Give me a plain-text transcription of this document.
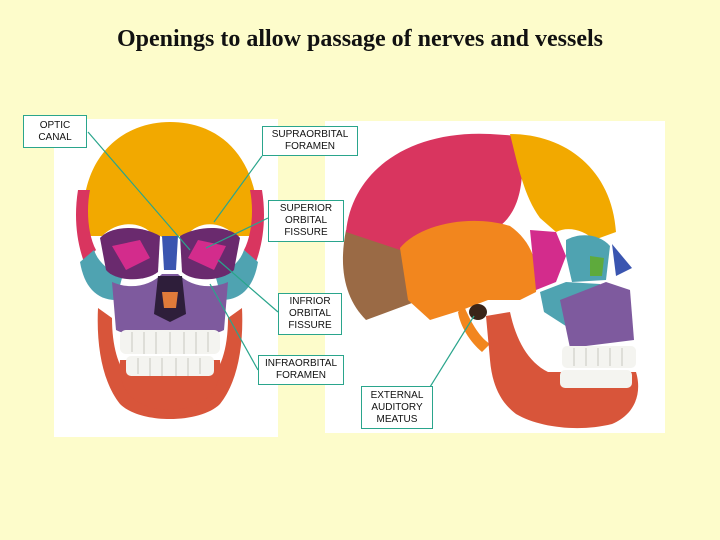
Openings to allow passage of nerves and vessels
OPTIC
CANAL	SUPRAORBITAL
FORAMEN
SUPERIOR
ORBITAL
FISSURE
INFRIOR
ORBITAL
FISSURE
INFRAORBITAL
FORAMEN
EXTERNAL
AUDITORY
MEATUS
